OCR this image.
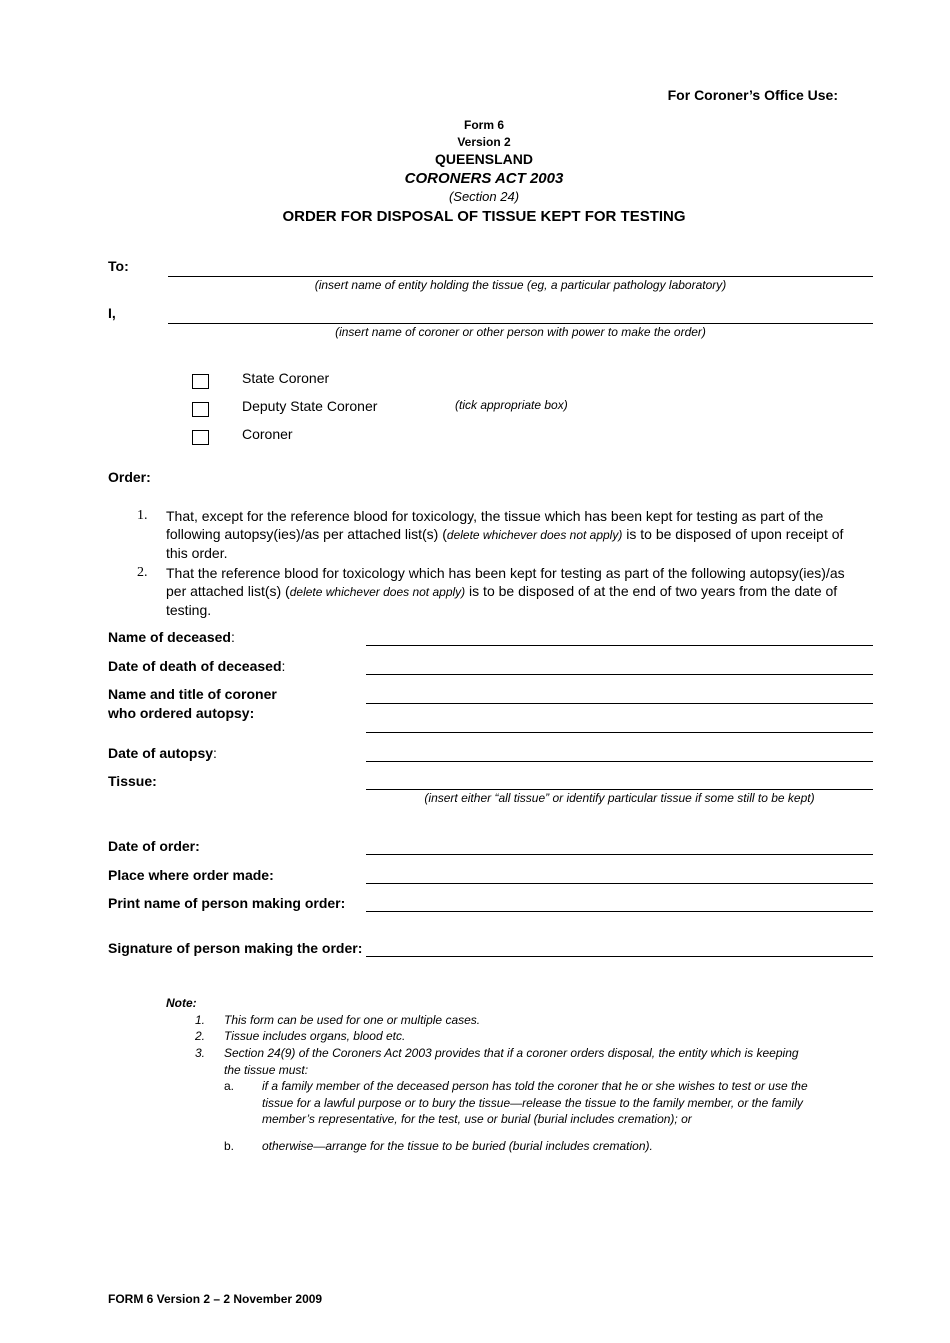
For Coroner’s Office Use:
Form 6
Version 2
QUEENSLAND
CORONERS ACT 2003
(Section 24)
ORDER FOR DISPOSAL OF TISSUE KEPT FOR TESTING
To:
(insert name of entity holding the tissue (eg, a particular pathology laboratory)
I,
(insert name of coroner or other person with power to make the order)
State Coroner
Deputy State Coroner	(tick appropriate box)
Coroner
Order:
1. That, except for the reference blood for toxicology, the tissue which has been kept for testing as part of the following autopsy(ies)/as per attached list(s) (delete whichever does not apply) is to be disposed of upon receipt of this order.
2. That the reference blood for toxicology which has been kept for testing as part of the following autopsy(ies)/as per attached list(s) (delete whichever does not apply) is to be disposed of at the end of two years from the date of testing.
Name of deceased:
Date of death of deceased:
Name and title of coroner
who ordered autopsy:
Date of autopsy:
Tissue:
(insert either “all tissue” or identify particular tissue if some still to be kept)
Date of order:
Place where order made:
Print name of person making order:
Signature of person making the order:
Note:
1. This form can be used for one or multiple cases.
2. Tissue includes organs, blood etc.
3. Section 24(9) of the Coroners Act 2003 provides that if a coroner orders disposal, the entity which is keeping
the tissue must:
a. if a family member of the deceased person has told the coroner that he or she wishes to test or use the
tissue for a lawful purpose or to bury the tissue—release the tissue to the family member, or the family
member’s representative, for the test, use or burial (burial includes cremation); or
b. otherwise—arrange for the tissue to be buried (burial includes cremation).
FORM 6 Version 2 – 2 November 2009
